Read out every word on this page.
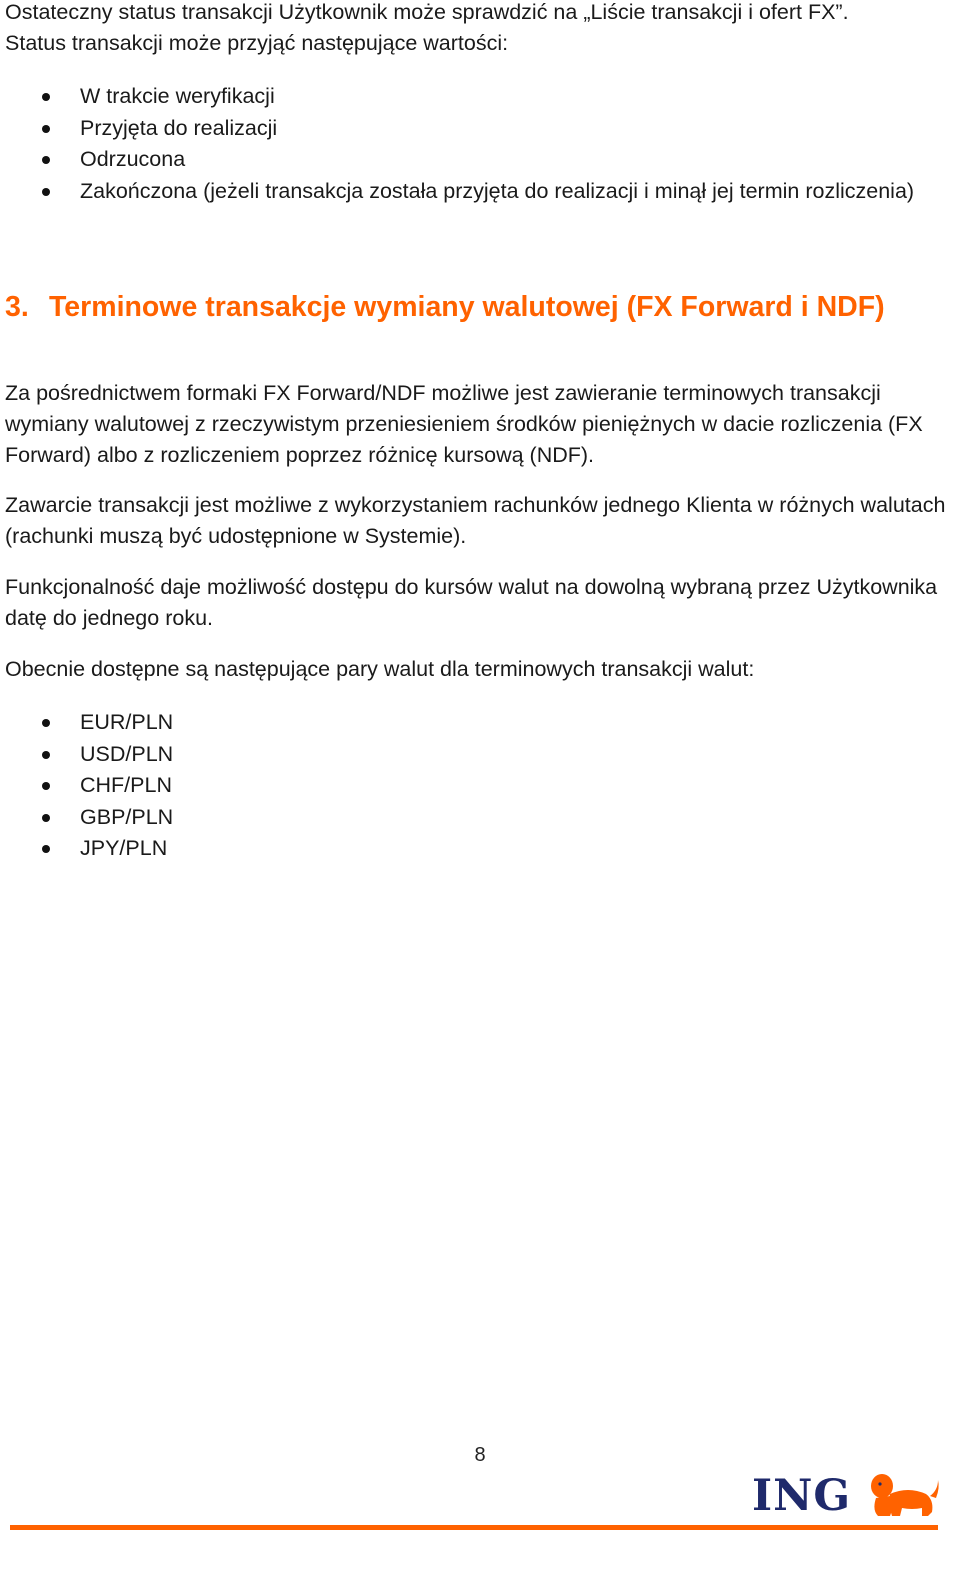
Ostateczny status transakcji Użytkownik może sprawdzić na „Liście transakcji i ofert FX”.

Status transakcji może przyjąć następujące wartości:

W trakcie weryfikacji
Przyjęta do realizacji
Odrzucona
Zakończona (jeżeli transakcja została przyjęta do realizacji i minął jej termin rozliczenia)
3. Terminowe transakcje wymiany walutowej (FX Forward i NDF)

Za pośrednictwem formaki FX Forward/NDF możliwe jest zawieranie terminowych transakcji wymiany walutowej z rzeczywistym przeniesieniem środków pieniężnych w dacie rozliczenia (FX Forward) albo z rozliczeniem poprzez różnicę kursową (NDF).

Zawarcie transakcji jest możliwe z wykorzystaniem rachunków jednego Klienta w różnych walutach (rachunki muszą być udostępnione w Systemie).

Funkcjonalność daje możliwość dostępu do kursów walut na dowolną wybraną przez Użytkownika datę do jednego roku.

Obecnie dostępne są następujące pary walut dla terminowych transakcji walut:

EUR/PLN
USD/PLN
CHF/PLN
GBP/PLN
JPY/PLN
8
ING
